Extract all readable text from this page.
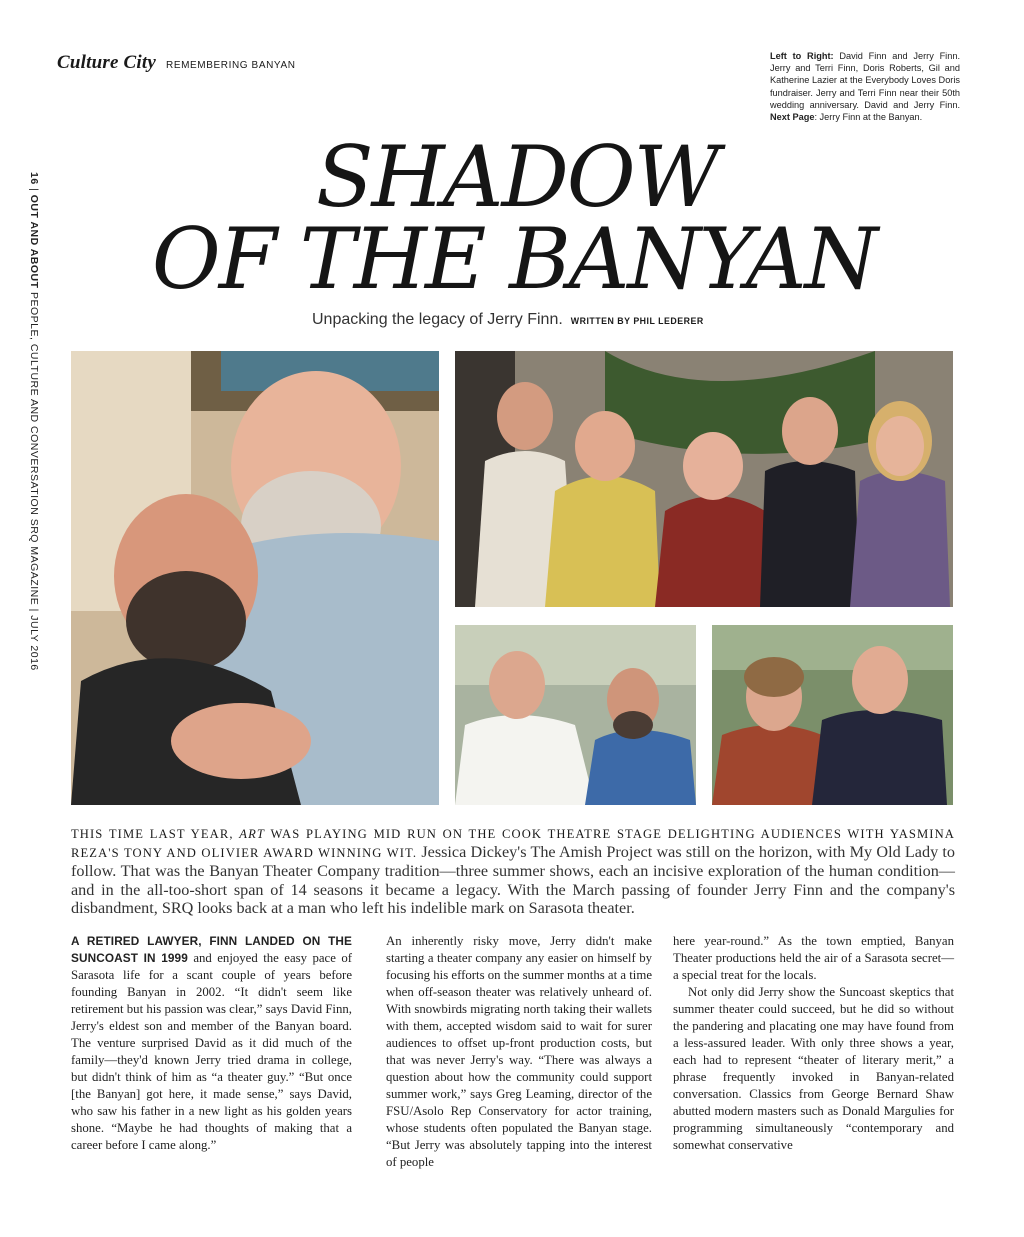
Culture City REMEMBERING BANYAN
Left to Right: David Finn and Jerry Finn. Jerry and Terri Finn, Doris Roberts, Gil and Katherine Lazier at the Everybody Loves Doris fundraiser. Jerry and Terri Finn near their 50th wedding anniversary. David and Jerry Finn. Next Page: Jerry Finn at the Banyan.
16 | OUT AND ABOUT PEOPLE, CULTURE AND CONVERSATION SRQ MAGAZINE | JULY 2016
SHADOW
OF THE BANYAN
Unpacking the legacy of Jerry Finn. WRITTEN BY PHIL LEDERER
THIS TIME LAST YEAR, ART WAS PLAYING MID RUN ON THE COOK THEATRE STAGE DELIGHTING AUDIENCES WITH YASMINA REZA'S TONY AND OLIVIER AWARD WINNING WIT. Jessica Dickey's The Amish Project was still on the horizon, with My Old Lady to follow. That was the Banyan Theater Company tradition—three summer shows, each an incisive exploration of the human condition—and in the all-too-short span of 14 seasons it became a legacy. With the March passing of founder Jerry Finn and the company's disbandment, SRQ looks back at a man who left his indelible mark on Sarasota theater.

A RETIRED LAWYER, FINN LANDED ON THE SUNCOAST IN 1999 and enjoyed the easy pace of Sarasota life for a scant couple of years before founding Banyan in 2002. “It didn't seem like retirement but his passion was clear,” says David Finn, Jerry's eldest son and member of the Banyan board. The venture surprised David as it did much of the family—they'd known Jerry tried drama in college, but didn't think of him as “a theater guy.” “But once [the Banyan] got here, it made sense,” says David, who saw his father in a new light as his golden years shone. “Maybe he had thoughts of making that a career before I came along.”

An inherently risky move, Jerry didn't make starting a theater company any easier on himself by focusing his efforts on the summer months at a time when off-season theater was relatively unheard of. With snowbirds migrating north taking their wallets with them, accepted wisdom said to wait for surer audiences to offset up-front production costs, but that was never Jerry's way. “There was always a question about how the community could support summer work,” says Greg Leaming, director of the FSU/Asolo Rep Conservatory for actor training, whose students often populated the Banyan stage. “But Jerry was absolutely tapping into the interest of people

here year-round.” As the town emptied, Banyan Theater productions held the air of a Sarasota secret—a special treat for the locals.

Not only did Jerry show the Suncoast skeptics that summer theater could succeed, but he did so without the pandering and placating one may have found from a less-assured leader. With only three shows a year, each had to represent “theater of literary merit,” a phrase frequently invoked in Banyan-related conversation. Classics from George Bernard Shaw abutted modern masters such as Donald Margulies for programming simultaneously “contemporary and somewhat conservative
